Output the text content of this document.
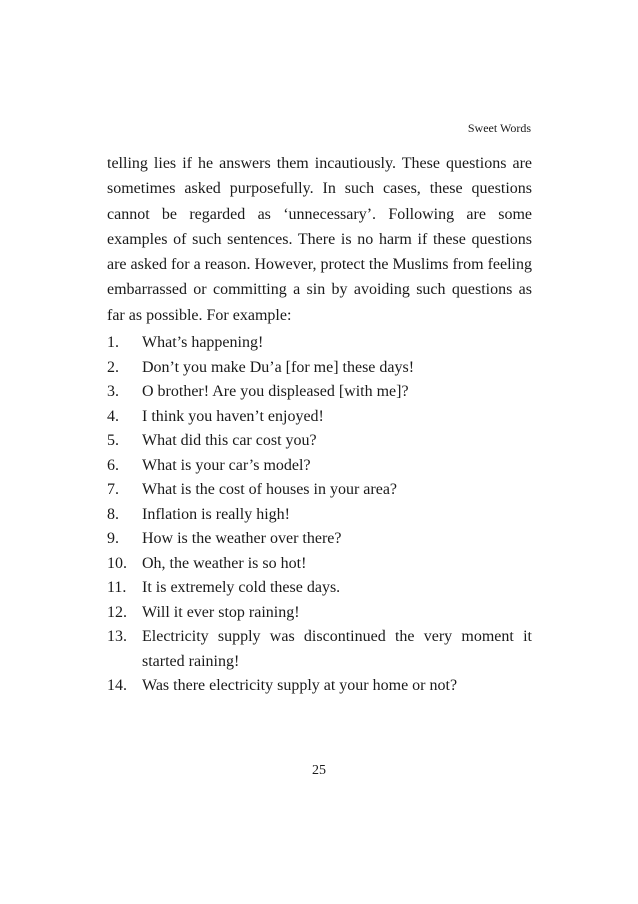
Sweet Words

telling lies if he answers them incautiously. These questions are sometimes asked purposefully. In such cases, these questions cannot be regarded as ‘unnecessary’. Following are some examples of such sentences. There is no harm if these questions are asked for a reason. However, protect the Muslims from feeling embarrassed or committing a sin by avoiding such questions as far as possible. For example:

1.	What’s happening!
2.	Don’t you make Du’a [for me] these days!
3.	O brother! Are you displeased [with me]?
4.	I think you haven’t enjoyed!
5.	What did this car cost you?
6.	What is your car’s model?
7.	What is the cost of houses in your area?
8.	Inflation is really high!
9.	How is the weather over there?
10. Oh, the weather is so hot!
11. It is extremely cold these days.
12. Will it ever stop raining!
13. Electricity supply was discontinued the very moment it started raining!
14. Was there electricity supply at your home or not?
25
